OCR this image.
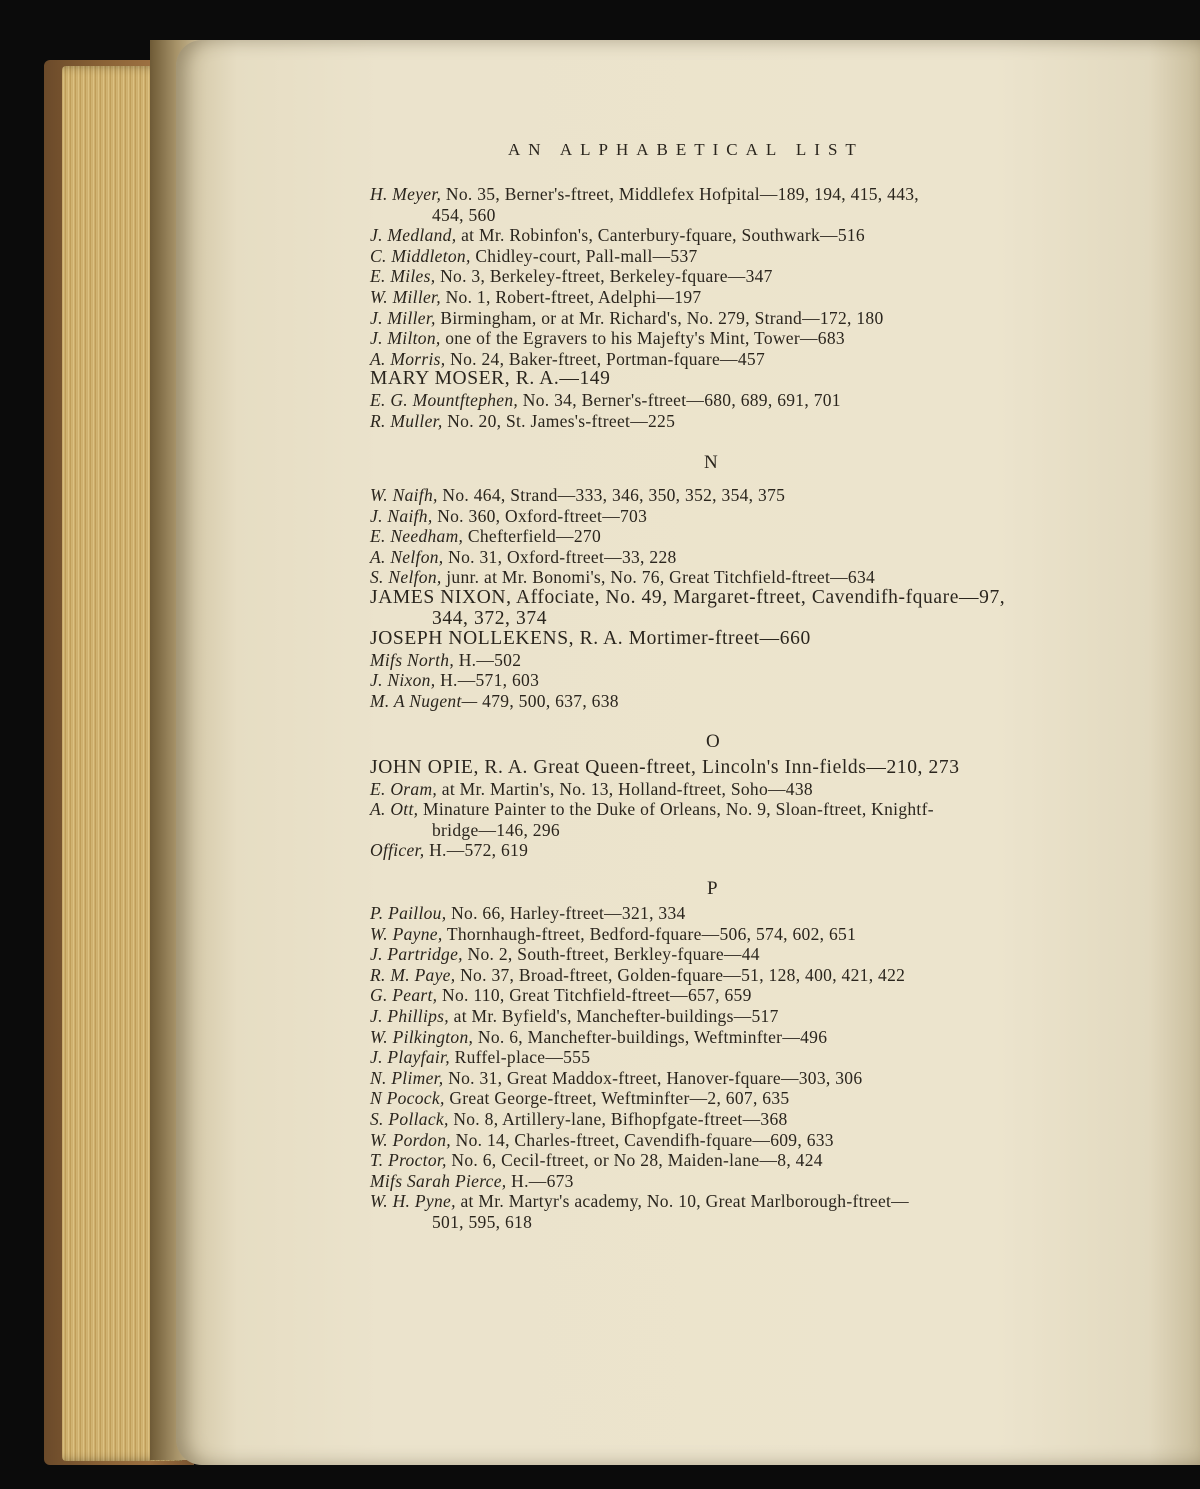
AN ALPHABETICAL LIST
H. Meyer, No. 35, Berner's-ftreet, Middlefex Hofpital—189, 194, 415, 443,
454, 560
J. Medland, at Mr. Robinfon's, Canterbury-fquare, Southwark—516
C. Middleton, Chidley-court, Pall-mall—537
E. Miles, No. 3, Berkeley-ftreet, Berkeley-fquare—347
W. Miller, No. 1, Robert-ftreet, Adelphi—197
J. Miller, Birmingham, or at Mr. Richard's, No. 279, Strand—172, 180
J. Milton, one of the Egravers to his Majefty's Mint, Tower—683
A. Morris, No. 24, Baker-ftreet, Portman-fquare—457
MARY MOSER, R. A.—149
E. G. Mountftephen, No. 34, Berner's-ftreet—680, 689, 691, 701
R. Muller, No. 20, St. James's-ftreet—225
N
W. Naifh, No. 464, Strand—333, 346, 350, 352, 354, 375
J. Naifh, No. 360, Oxford-ftreet—703
E. Needham, Chefterfield—270
A. Nelfon, No. 31, Oxford-ftreet—33, 228
S. Nelfon, junr. at Mr. Bonomi's, No. 76, Great Titchfield-ftreet—634
JAMES NIXON, Affociate, No. 49, Margaret-ftreet, Cavendifh-fquare—97,
344, 372, 374
JOSEPH NOLLEKENS, R. A. Mortimer-ftreet—660
Mifs North, H.—502
J. Nixon, H.—571, 603
M. A Nugent— 479, 500, 637, 638
O
JOHN OPIE, R. A. Great Queen-ftreet, Lincoln's Inn-fields—210, 273
E. Oram, at Mr. Martin's, No. 13, Holland-ftreet, Soho—438
A. Ott, Minature Painter to the Duke of Orleans, No. 9, Sloan-ftreet, Knightf-
bridge—146, 296
Officer, H.—572, 619
P
P. Paillou, No. 66, Harley-ftreet—321, 334
W. Payne, Thornhaugh-ftreet, Bedford-fquare—506, 574, 602, 651
J. Partridge, No. 2, South-ftreet, Berkley-fquare—44
R. M. Paye, No. 37, Broad-ftreet, Golden-fquare—51, 128, 400, 421, 422
G. Peart, No. 110, Great Titchfield-ftreet—657, 659
J. Phillips, at Mr. Byfield's, Manchefter-buildings—517
W. Pilkington, No. 6, Manchefter-buildings, Weftminfter—496
J. Playfair, Ruffel-place—555
N. Plimer, No. 31, Great Maddox-ftreet, Hanover-fquare—303, 306
N Pocock, Great George-ftreet, Weftminfter—2, 607, 635
S. Pollack, No. 8, Artillery-lane, Bifhopfgate-ftreet—368
W. Pordon, No. 14, Charles-ftreet, Cavendifh-fquare—609, 633
T. Proctor, No. 6, Cecil-ftreet, or No 28, Maiden-lane—8, 424
Mifs Sarah Pierce, H.—673
W. H. Pyne, at Mr. Martyr's academy, No. 10, Great Marlborough-ftreet—
501, 595, 618
